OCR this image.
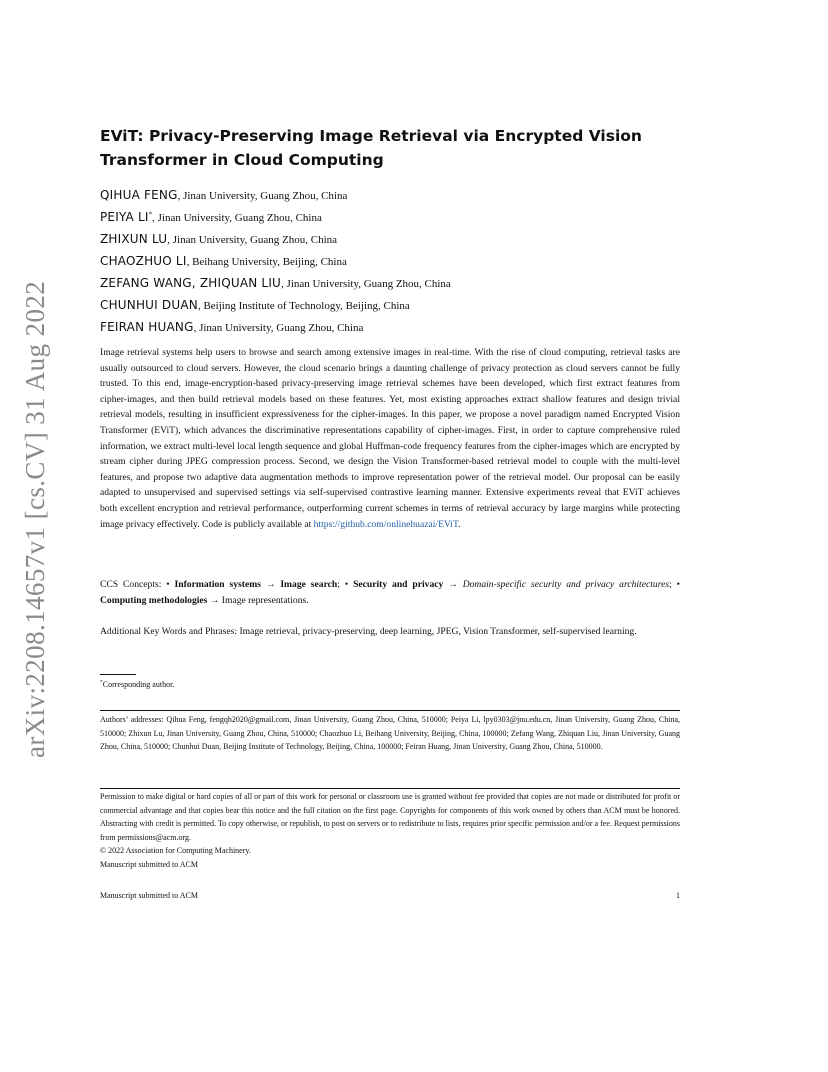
arXiv:2208.14657v1 [cs.CV] 31 Aug 2022
EViT: Privacy-Preserving Image Retrieval via Encrypted Vision Transformer in Cloud Computing
QIHUA FENG, Jinan University, Guang Zhou, China
PEIYA LI*, Jinan University, Guang Zhou, China
ZHIXUN LU, Jinan University, Guang Zhou, China
CHAOZHUO LI, Beihang University, Beijing, China
ZEFANG WANG, ZHIQUAN LIU, Jinan University, Guang Zhou, China
CHUNHUI DUAN, Beijing Institute of Technology, Beijing, China
FEIRAN HUANG, Jinan University, Guang Zhou, China

Image retrieval systems help users to browse and search among extensive images in real-time. With the rise of cloud computing, retrieval tasks are usually outsourced to cloud servers. However, the cloud scenario brings a daunting challenge of privacy protection as cloud servers cannot be fully trusted. To this end, image-encryption-based privacy-preserving image retrieval schemes have been developed, which first extract features from cipher-images, and then build retrieval models based on these features. Yet, most existing approaches extract shallow features and design trivial retrieval models, resulting in insufficient expressiveness for the cipher-images. In this paper, we propose a novel paradigm named Encrypted Vision Transformer (EViT), which advances the discriminative representations capability of cipher-images. First, in order to capture comprehensive ruled information, we extract multi-level local length sequence and global Huffman-code frequency features from the cipher-images which are encrypted by stream cipher during JPEG compression process. Second, we design the Vision Transformer-based retrieval model to couple with the multi-level features, and propose two adaptive data augmentation methods to improve representation power of the retrieval model. Our proposal can be easily adapted to unsupervised and supervised settings via self-supervised contrastive learning manner. Extensive experiments reveal that EViT achieves both excellent encryption and retrieval performance, outperforming current schemes in terms of retrieval accuracy by large margins while protecting image privacy effectively. Code is publicly available at https://github.com/onlinehuazai/EViT.

CCS Concepts: • Information systems → Image search; • Security and privacy → Domain-specific security and privacy architectures; • Computing methodologies → Image representations.

Additional Key Words and Phrases: Image retrieval, privacy-preserving, deep learning, JPEG, Vision Transformer, self-supervised learning.

*Corresponding author.

Authors’ addresses: Qihua Feng, fengqh2020@gmail.com, Jinan University, Guang Zhou, China, 510000; Peiya Li, lpy0303@jnu.edu.cn, Jinan University, Guang Zhou, China, 510000; Zhixun Lu, Jinan University, Guang Zhou, China, 510000; Chaozhuo Li, Beihang University, Beijing, China, 100000; Zefang Wang, Zhiquan Liu, Jinan University, Guang Zhou, China, 510000; Chunhui Duan, Beijing Institute of Technology, Beijing, China, 100000; Feiran Huang, Jinan University, Guang Zhou, China, 510000.

Permission to make digital or hard copies of all or part of this work for personal or classroom use is granted without fee provided that copies are not made or distributed for profit or commercial advantage and that copies bear this notice and the full citation on the first page. Copyrights for components of this work owned by others than ACM must be honored. Abstracting with credit is permitted. To copy otherwise, or republish, to post on servers or to redistribute to lists, requires prior specific permission and/or a fee. Request permissions from permissions@acm.org.
© 2022 Association for Computing Machinery.
Manuscript submitted to ACM

Manuscript submitted to ACM	1
